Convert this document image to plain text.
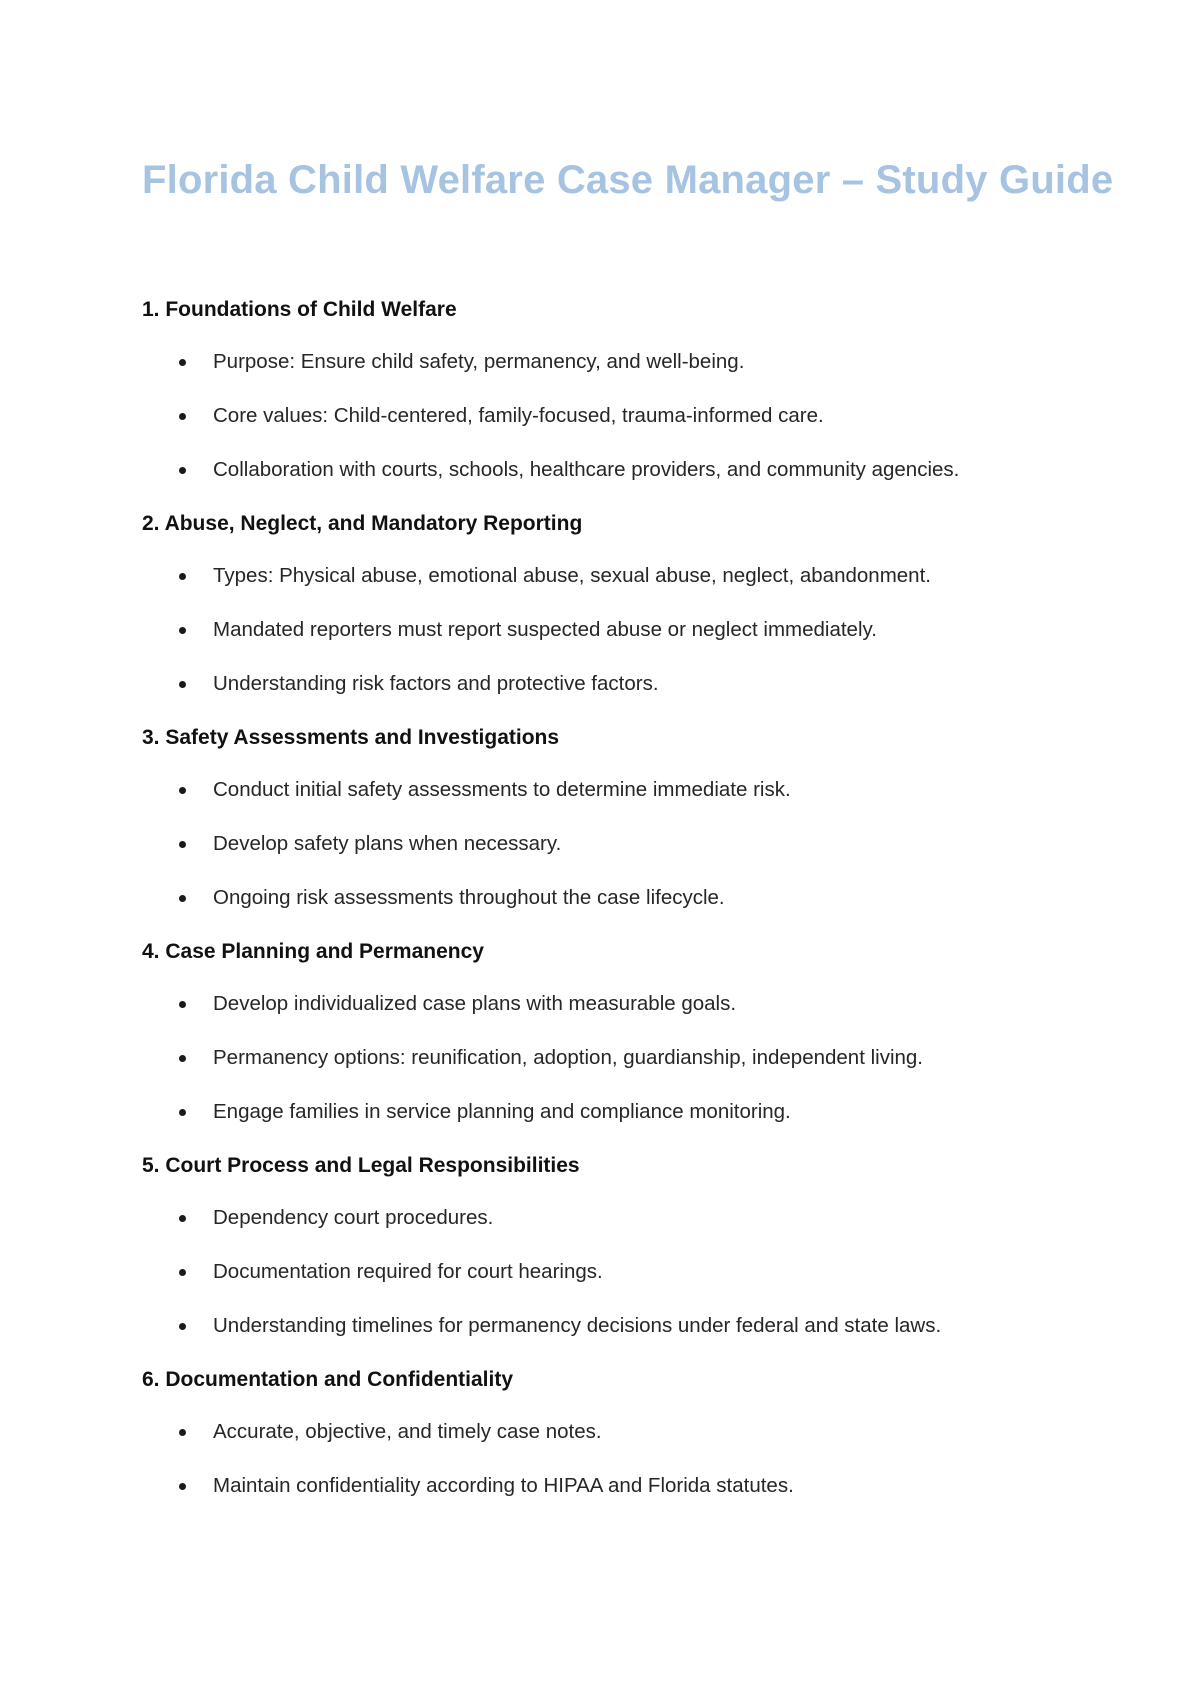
Florida Child Welfare Case Manager – Study Guide
1. Foundations of Child Welfare
Purpose: Ensure child safety, permanency, and well-being.
Core values: Child-centered, family-focused, trauma-informed care.
Collaboration with courts, schools, healthcare providers, and community agencies.
2. Abuse, Neglect, and Mandatory Reporting
Types: Physical abuse, emotional abuse, sexual abuse, neglect, abandonment.
Mandated reporters must report suspected abuse or neglect immediately.
Understanding risk factors and protective factors.
3. Safety Assessments and Investigations
Conduct initial safety assessments to determine immediate risk.
Develop safety plans when necessary.
Ongoing risk assessments throughout the case lifecycle.
4. Case Planning and Permanency
Develop individualized case plans with measurable goals.
Permanency options: reunification, adoption, guardianship, independent living.
Engage families in service planning and compliance monitoring.
5. Court Process and Legal Responsibilities
Dependency court procedures.
Documentation required for court hearings.
Understanding timelines for permanency decisions under federal and state laws.
6. Documentation and Confidentiality
Accurate, objective, and timely case notes.
Maintain confidentiality according to HIPAA and Florida statutes.
